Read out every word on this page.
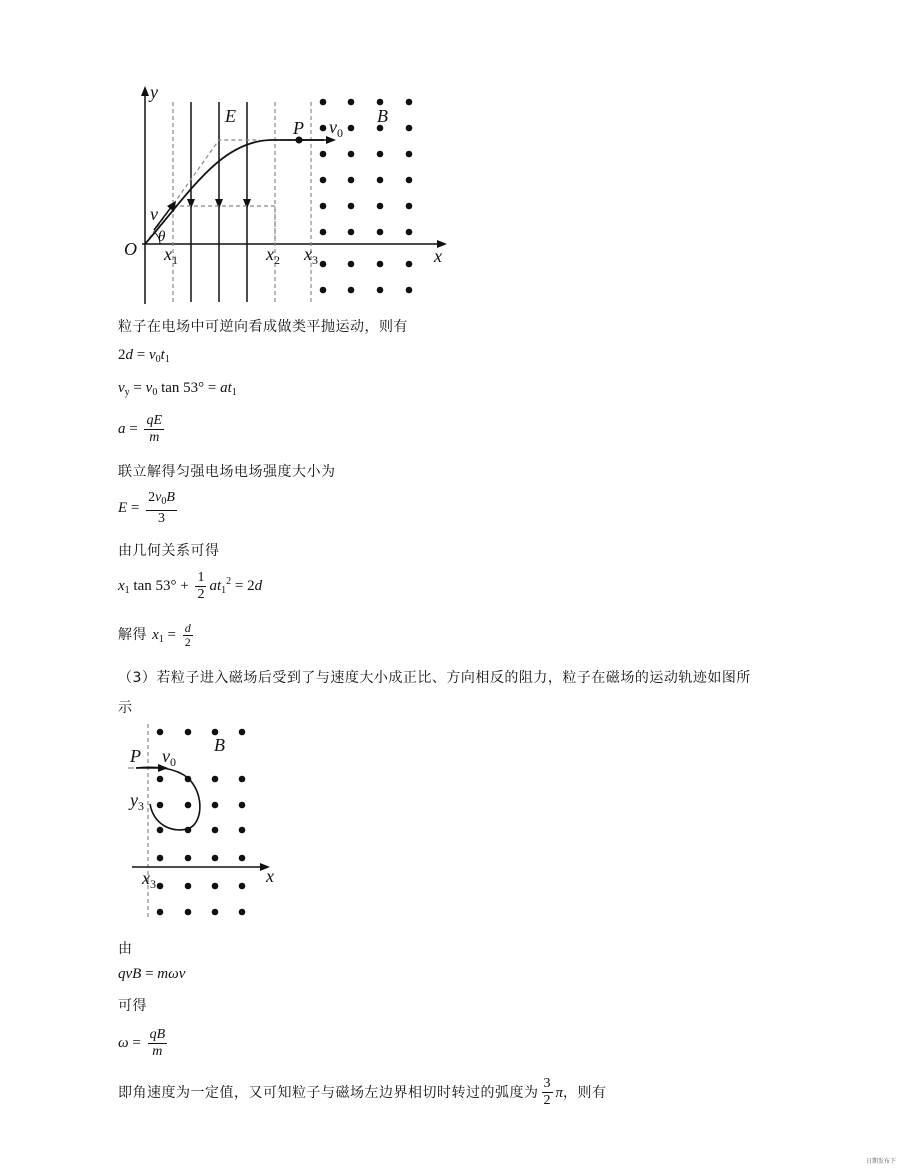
y
O	x
E
P
B
$v_0$
v
θ
$x_1$	$x_2$ $x_3$
粒子在电场中可逆向看成做类平抛运动，则有
$2d = v_0t_1$
$v_y = v_0$ $\tan 53^\circ = at_1$
$a = \frac{qE}{m}$
联立解得匀强电场电场强度大小为
$E = \frac{2v_0B}{3}$
由几何关系可得
$x_1$ $\tan 53^\circ + \frac{1}{2} at_1^2 = 2d$
解得 $x_1 = \frac{d}{2}$
（3）若粒子进入磁场后受到了与速度大小成正比、方向相反的阻力，粒子在磁场的运动轨迹如图所
示
P $v_0$
B
$y_3$
x
$x_3$
由
qvB = mωv
可得
$\omega = \frac{qB}{m}$
即角速度为一定值，又可知粒子与磁场左边界相切时转过的弧度为 $\frac{3}{2}$ π，则有
日期发布下
